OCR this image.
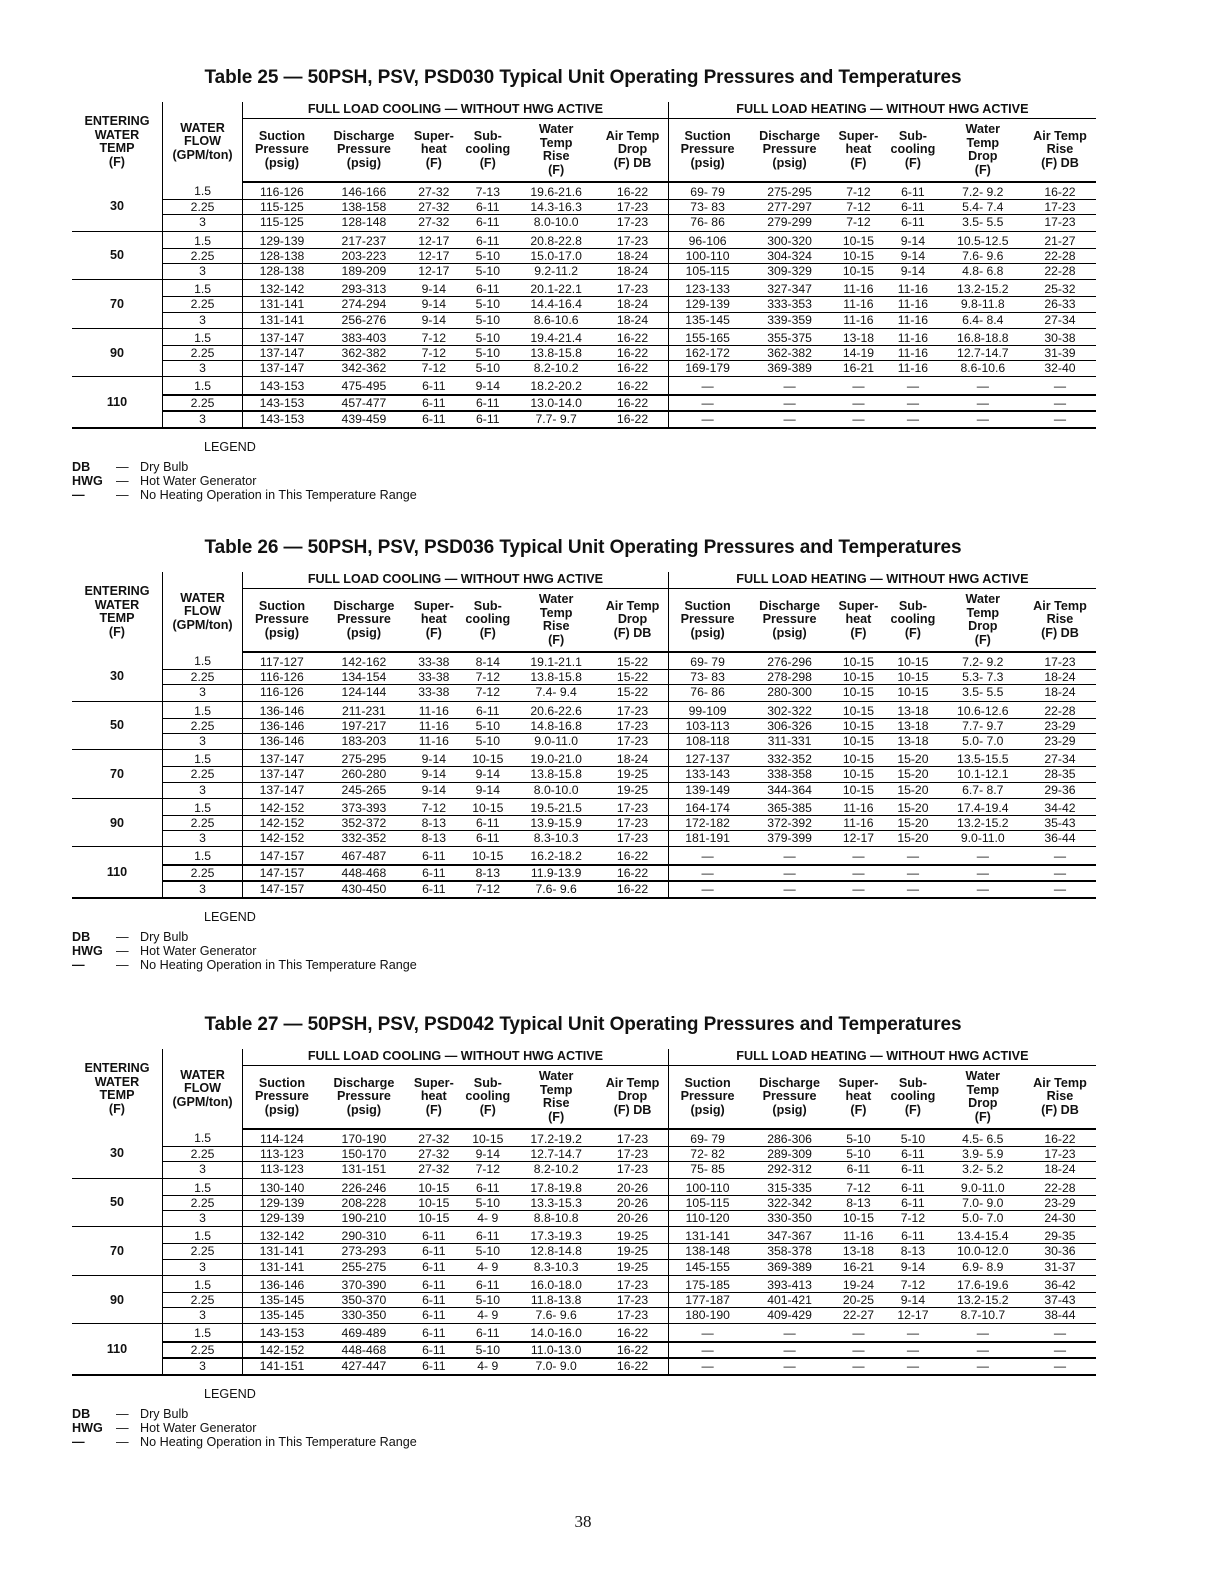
Table 25 — 50PSH, PSV, PSD030 Typical Unit Operating Pressures and Temperatures
ENTERING
WATER
TEMP
(F)	WATER
FLOW
(GPM/ton)	FULL LOAD COOLING — WITHOUT HWG ACTIVE						FULL LOAD HEATING — WITHOUT HWG ACTIVE					
		Suction
Pressure
(psig)	Discharge
Pressure
(psig)	Super-
heat
(F)	Sub-
cooling
(F)	Water
Temp
Rise
(F)	Air Temp
Drop
(F) DB	Suction
Pressure
(psig)	Discharge
Pressure
(psig)	Super-
heat
(F)	Sub-
cooling
(F)	Water
Temp
Drop
(F)	Air Temp
Rise
(F) DB
30	1.5	116-126	146-166	27-32	7-13	19.6-21.6	16-22	69- 79	275-295	7-12	6-11	7.2- 9.2	16-22
	2.25	115-125	138-158	27-32	6-11	14.3-16.3	17-23	73- 83	277-297	7-12	6-11	5.4- 7.4	17-23
	3	115-125	128-148	27-32	6-11	8.0-10.0	17-23	76- 86	279-299	7-12	6-11	3.5- 5.5	17-23
50	1.5	129-139	217-237	12-17	6-11	20.8-22.8	17-23	96-106	300-320	10-15	9-14	10.5-12.5	21-27
	2.25	128-138	203-223	12-17	5-10	15.0-17.0	18-24	100-110	304-324	10-15	9-14	7.6- 9.6	22-28
	3	128-138	189-209	12-17	5-10	9.2-11.2	18-24	105-115	309-329	10-15	9-14	4.8- 6.8	22-28
70	1.5	132-142	293-313	9-14	6-11	20.1-22.1	17-23	123-133	327-347	11-16	11-16	13.2-15.2	25-32
	2.25	131-141	274-294	9-14	5-10	14.4-16.4	18-24	129-139	333-353	11-16	11-16	9.8-11.8	26-33
	3	131-141	256-276	9-14	5-10	8.6-10.6	18-24	135-145	339-359	11-16	11-16	6.4- 8.4	27-34
90	1.5	137-147	383-403	7-12	5-10	19.4-21.4	16-22	155-165	355-375	13-18	11-16	16.8-18.8	30-38
	2.25	137-147	362-382	7-12	5-10	13.8-15.8	16-22	162-172	362-382	14-19	11-16	12.7-14.7	31-39
	3	137-147	342-362	7-12	5-10	8.2-10.2	16-22	169-179	369-389	16-21	11-16	8.6-10.6	32-40
110	1.5	143-153	475-495	6-11	9-14	18.2-20.2	16-22	—	—	—	—	—	—
	2.25	143-153	457-477	6-11	6-11	13.0-14.0	16-22	—	—	—	—	—	—
	3	143-153	439-459	6-11	6-11	7.7- 9.7	16-22	—	—	—	—	—	—
LEGEND
DB — Dry Bulb
HWG — Hot Water Generator
— — No Heating Operation in This Temperature Range
Table 26 — 50PSH, PSV, PSD036 Typical Unit Operating Pressures and Temperatures
ENTERING
WATER
TEMP
(F)	WATER
FLOW
(GPM/ton)	FULL LOAD COOLING — WITHOUT HWG ACTIVE						FULL LOAD HEATING — WITHOUT HWG ACTIVE					
		Suction
Pressure
(psig)	Discharge
Pressure
(psig)	Super-
heat
(F)	Sub-
cooling
(F)	Water
Temp
Rise
(F)	Air Temp
Drop
(F) DB	Suction
Pressure
(psig)	Discharge
Pressure
(psig)	Super-
heat
(F)	Sub-
cooling
(F)	Water
Temp
Drop
(F)	Air Temp
Rise
(F) DB
30	1.5	117-127	142-162	33-38	8-14	19.1-21.1	15-22	69- 79	276-296	10-15	10-15	7.2- 9.2	17-23
	2.25	116-126	134-154	33-38	7-12	13.8-15.8	15-22	73- 83	278-298	10-15	10-15	5.3- 7.3	18-24
	3	116-126	124-144	33-38	7-12	7.4- 9.4	15-22	76- 86	280-300	10-15	10-15	3.5- 5.5	18-24
50	1.5	136-146	211-231	11-16	6-11	20.6-22.6	17-23	99-109	302-322	10-15	13-18	10.6-12.6	22-28
	2.25	136-146	197-217	11-16	5-10	14.8-16.8	17-23	103-113	306-326	10-15	13-18	7.7- 9.7	23-29
	3	136-146	183-203	11-16	5-10	9.0-11.0	17-23	108-118	311-331	10-15	13-18	5.0- 7.0	23-29
70	1.5	137-147	275-295	9-14	10-15	19.0-21.0	18-24	127-137	332-352	10-15	15-20	13.5-15.5	27-34
	2.25	137-147	260-280	9-14	9-14	13.8-15.8	19-25	133-143	338-358	10-15	15-20	10.1-12.1	28-35
	3	137-147	245-265	9-14	9-14	8.0-10.0	19-25	139-149	344-364	10-15	15-20	6.7- 8.7	29-36
90	1.5	142-152	373-393	7-12	10-15	19.5-21.5	17-23	164-174	365-385	11-16	15-20	17.4-19.4	34-42
	2.25	142-152	352-372	8-13	6-11	13.9-15.9	17-23	172-182	372-392	11-16	15-20	13.2-15.2	35-43
	3	142-152	332-352	8-13	6-11	8.3-10.3	17-23	181-191	379-399	12-17	15-20	9.0-11.0	36-44
110	1.5	147-157	467-487	6-11	10-15	16.2-18.2	16-22	—	—	—	—	—	—
	2.25	147-157	448-468	6-11	8-13	11.9-13.9	16-22	—	—	—	—	—	—
	3	147-157	430-450	6-11	7-12	7.6- 9.6	16-22	—	—	—	—	—	—
LEGEND
DB — Dry Bulb
HWG — Hot Water Generator
— — No Heating Operation in This Temperature Range
Table 27 — 50PSH, PSV, PSD042 Typical Unit Operating Pressures and Temperatures
ENTERING
WATER
TEMP
(F)	WATER
FLOW
(GPM/ton)	FULL LOAD COOLING — WITHOUT HWG ACTIVE						FULL LOAD HEATING — WITHOUT HWG ACTIVE					
		Suction
Pressure
(psig)	Discharge
Pressure
(psig)	Super-
heat
(F)	Sub-
cooling
(F)	Water
Temp
Rise
(F)	Air Temp
Drop
(F) DB	Suction
Pressure
(psig)	Discharge
Pressure
(psig)	Super-
heat
(F)	Sub-
cooling
(F)	Water
Temp
Drop
(F)	Air Temp
Rise
(F) DB
30	1.5	114-124	170-190	27-32	10-15	17.2-19.2	17-23	69- 79	286-306	5-10	5-10	4.5- 6.5	16-22
	2.25	113-123	150-170	27-32	9-14	12.7-14.7	17-23	72- 82	289-309	5-10	6-11	3.9- 5.9	17-23
	3	113-123	131-151	27-32	7-12	8.2-10.2	17-23	75- 85	292-312	6-11	6-11	3.2- 5.2	18-24
50	1.5	130-140	226-246	10-15	6-11	17.8-19.8	20-26	100-110	315-335	7-12	6-11	9.0-11.0	22-28
	2.25	129-139	208-228	10-15	5-10	13.3-15.3	20-26	105-115	322-342	8-13	6-11	7.0- 9.0	23-29
	3	129-139	190-210	10-15	4- 9	8.8-10.8	20-26	110-120	330-350	10-15	7-12	5.0- 7.0	24-30
70	1.5	132-142	290-310	6-11	6-11	17.3-19.3	19-25	131-141	347-367	11-16	6-11	13.4-15.4	29-35
	2.25	131-141	273-293	6-11	5-10	12.8-14.8	19-25	138-148	358-378	13-18	8-13	10.0-12.0	30-36
	3	131-141	255-275	6-11	4- 9	8.3-10.3	19-25	145-155	369-389	16-21	9-14	6.9- 8.9	31-37
90	1.5	136-146	370-390	6-11	6-11	16.0-18.0	17-23	175-185	393-413	19-24	7-12	17.6-19.6	36-42
	2.25	135-145	350-370	6-11	5-10	11.8-13.8	17-23	177-187	401-421	20-25	9-14	13.2-15.2	37-43
	3	135-145	330-350	6-11	4- 9	7.6- 9.6	17-23	180-190	409-429	22-27	12-17	8.7-10.7	38-44
110	1.5	143-153	469-489	6-11	6-11	14.0-16.0	16-22	—	—	—	—	—	—
	2.25	142-152	448-468	6-11	5-10	11.0-13.0	16-22	—	—	—	—	—	—
	3	141-151	427-447	6-11	4- 9	7.0- 9.0	16-22	—	—	—	—	—	—
LEGEND
DB — Dry Bulb
HWG — Hot Water Generator
— — No Heating Operation in This Temperature Range
38
